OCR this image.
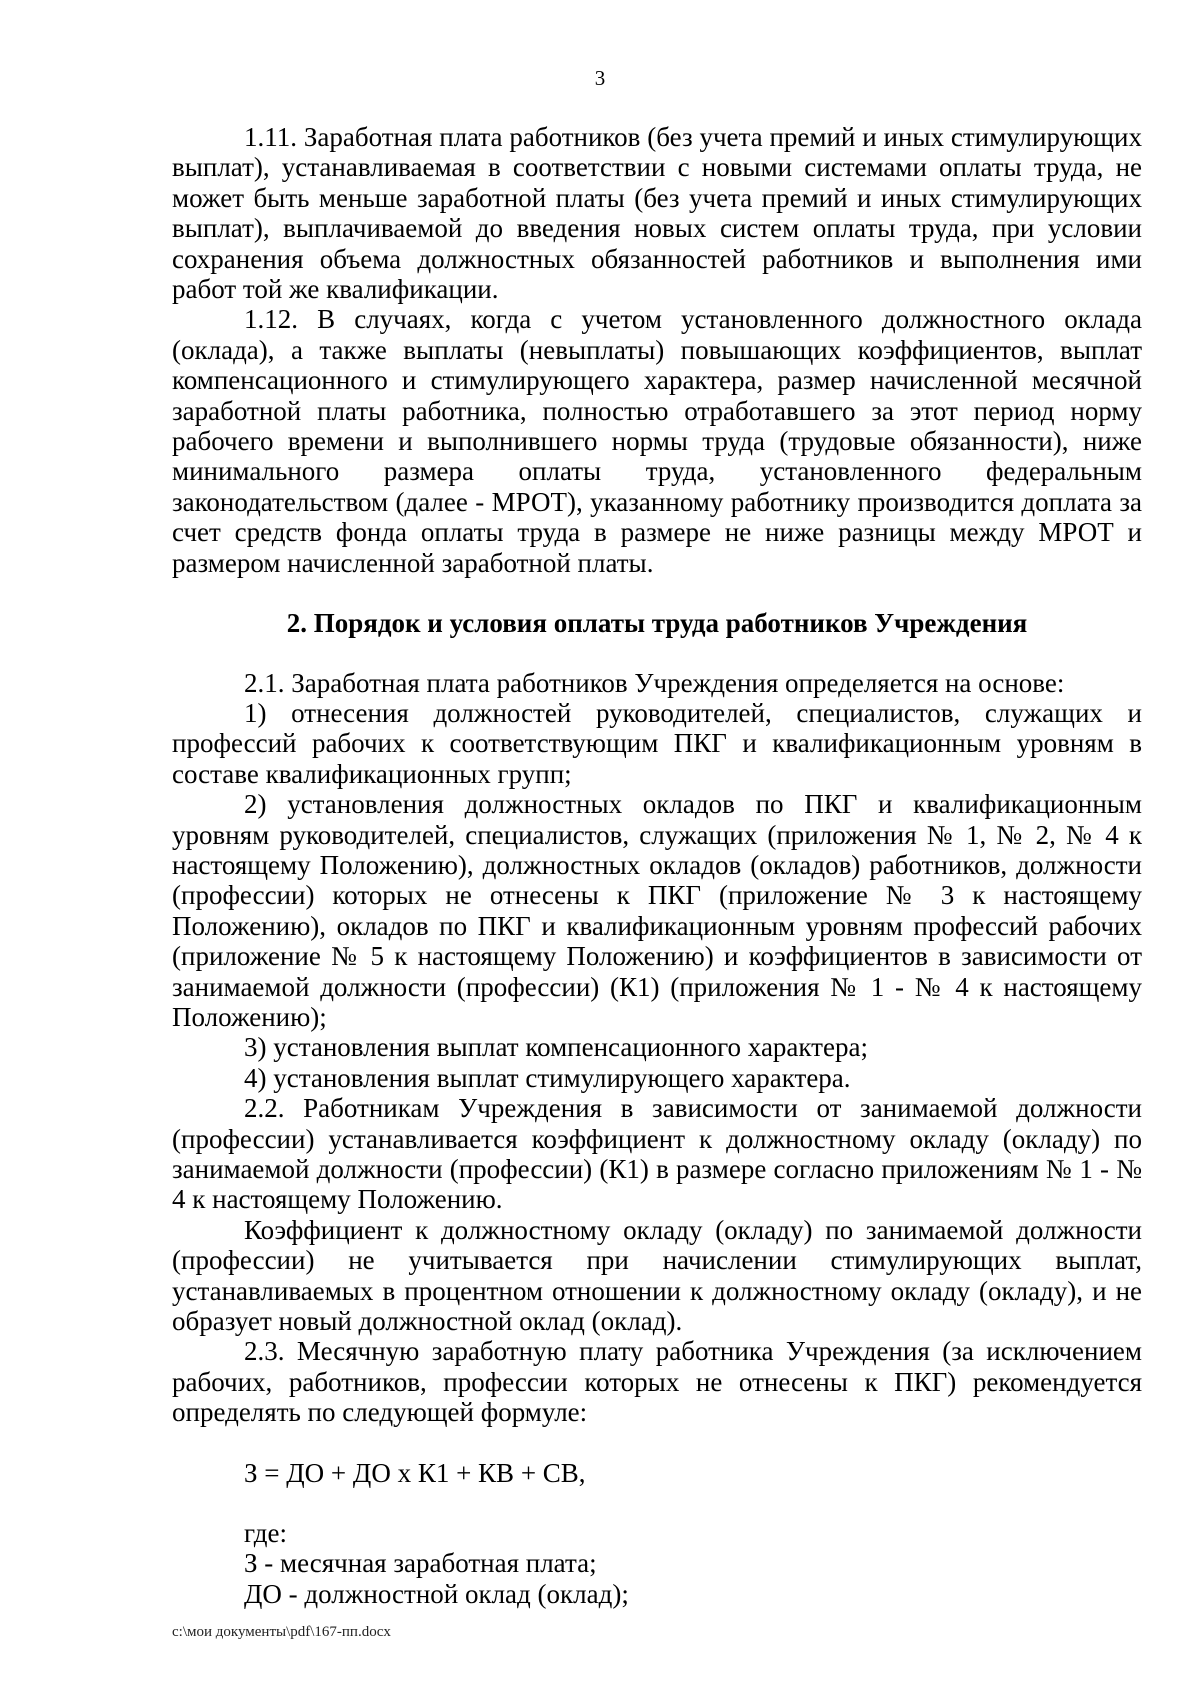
3

1.11. Заработная плата работников (без учета премий и иных стимулирующих выплат), устанавливаемая в соответствии с новыми системами оплаты труда, не может быть меньше заработной платы (без учета премий и иных стимулирующих выплат), выплачиваемой до введения новых систем оплаты труда, при условии сохранения объема должностных обязанностей работников и выполнения ими работ той же квалификации.

1.12. В случаях, когда с учетом установленного должностного оклада (оклада), а также выплаты (невыплаты) повышающих коэффициентов, выплат компенсационного и стимулирующего характера, размер начисленной месячной заработной платы работника, полностью отработавшего за этот период норму рабочего времени и выполнившего нормы труда (трудовые обязанности), ниже минимального размера оплаты труда, установленного федеральным законодательством (далее - МРОТ), указанному работнику производится доплата за счет средств фонда оплаты труда в размере не ниже разницы между МРОТ и размером начисленной заработной платы.

2. Порядок и условия оплаты труда работников Учреждения

2.1. Заработная плата работников Учреждения определяется на основе:

1) отнесения должностей руководителей, специалистов, служащих и профессий рабочих к соответствующим ПКГ и квалификационным уровням в составе квалификационных групп;

2) установления должностных окладов по ПКГ и квалификационным уровням руководителей, специалистов, служащих (приложения № 1, № 2, № 4 к настоящему Положению), должностных окладов (окладов) работников, должности (профессии) которых не отнесены к ПКГ (приложение № 3 к настоящему Положению), окладов по ПКГ и квалификационным уровням профессий рабочих (приложение № 5 к настоящему Положению) и коэффициентов в зависимости от занимаемой должности (профессии) (К1) (приложения № 1 - № 4 к настоящему Положению);

3) установления выплат компенсационного характера;

4) установления выплат стимулирующего характера.

2.2. Работникам Учреждения в зависимости от занимаемой должности (профессии) устанавливается коэффициент к должностному окладу (окладу) по занимаемой должности (профессии) (К1) в размере согласно приложениям № 1 - № 4 к настоящему Положению.

Коэффициент к должностному окладу (окладу) по занимаемой должности (профессии) не учитывается при начислении стимулирующих выплат, устанавливаемых в процентном отношении к должностному окладу (окладу), и не образует новый должностной оклад (оклад).

2.3. Месячную заработную плату работника Учреждения (за исключением рабочих, работников, профессии которых не отнесены к ПКГ) рекомендуется определять по следующей формуле:

З = ДО + ДО х К1 + КВ + СВ,

где:

З - месячная заработная плата;

ДО - должностной оклад (оклад);

c:\мои документы\pdf\167-пп.docx
